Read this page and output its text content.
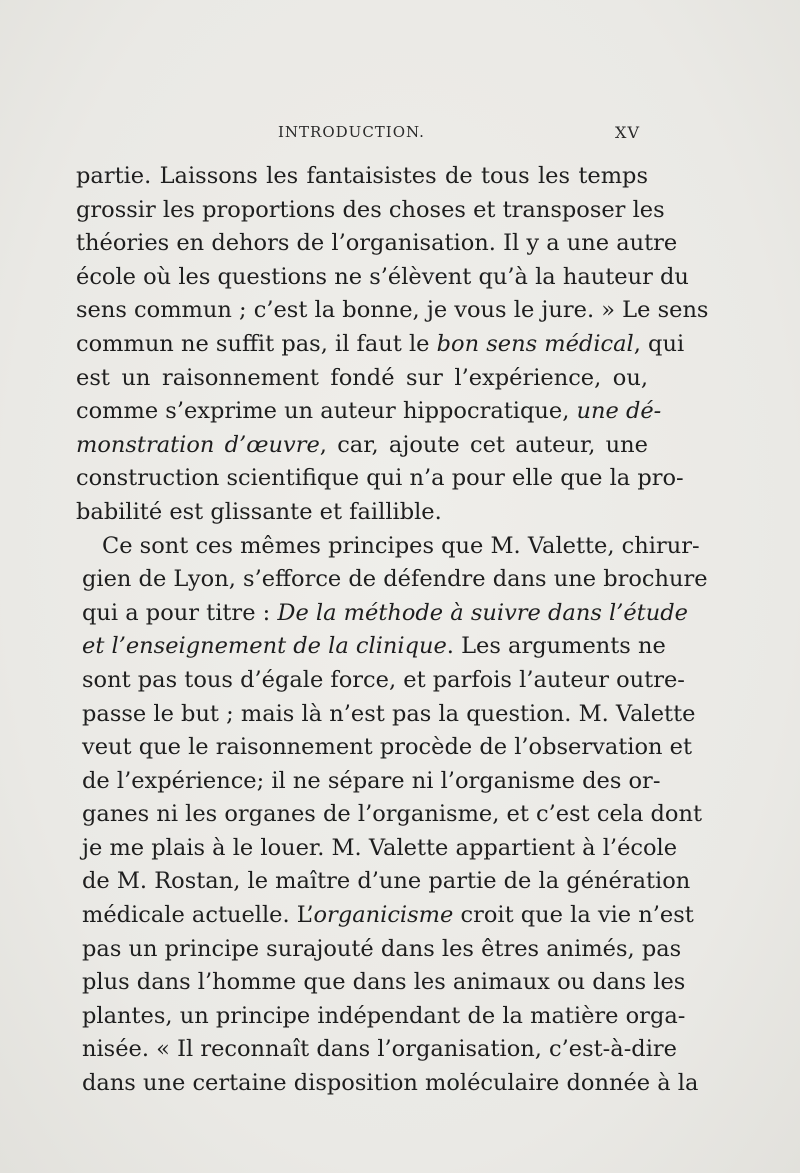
INTRODUCTION.	XV
partie. Laissons les fantaisistes de tous les temps
grossir les proportions des choses et transposer les
théories en dehors de l’organisation. Il y a une autre
école où les questions ne s’élèvent qu’à la hauteur du
sens commun ; c’est la bonne, je vous le jure. » Le sens
commun ne suffit pas, il faut le bon sens médical, qui
est un raisonnement fondé sur l’expérience, ou,
comme s’exprime un auteur hippocratique, une dé-
monstration d’œuvre, car, ajoute cet auteur, une
construction scientifique qui n’a pour elle que la pro-
babilité est glissante et faillible.
Ce sont ces mêmes principes que M. Valette, chirur-
gien de Lyon, s’efforce de défendre dans une brochure
qui a pour titre : De la méthode à suivre dans l’étude
et l’enseignement de la clinique. Les arguments ne
sont pas tous d’égale force, et parfois l’auteur outre-
passe le but ; mais là n’est pas la question. M. Valette
veut que le raisonnement procède de l’observation et
de l’expérience; il ne sépare ni l’organisme des or-
ganes ni les organes de l’organisme, et c’est cela dont
je me plais à le louer. M. Valette appartient à l’école
de M. Rostan, le maître d’une partie de la génération
médicale actuelle. L’organicisme croit que la vie n’est
pas un principe surajouté dans les êtres animés, pas
plus dans l’homme que dans les animaux ou dans les
plantes, un principe indépendant de la matière orga-
nisée. « Il reconnaît dans l’organisation, c’est-à-dire
dans une certaine disposition moléculaire donnée à la
